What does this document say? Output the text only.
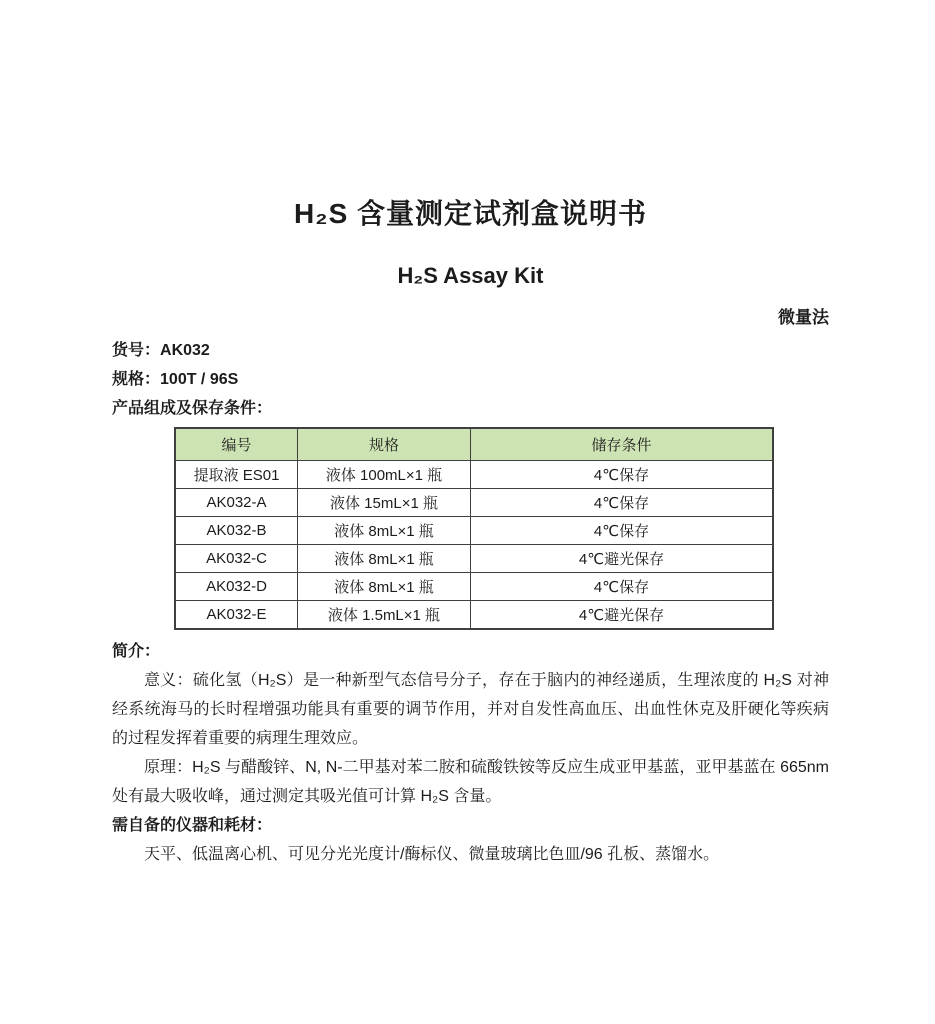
H₂S 含量测定试剂盒说明书
H₂S Assay Kit
微量法
货号：AK032
规格：100T / 96S
产品组成及保存条件：
编号	规格	储存条件
提取液 ES01	液体 100mL×1 瓶	4℃保存
AK032-A	液体 15mL×1 瓶	4℃保存
AK032-B	液体 8mL×1 瓶	4℃保存
AK032-C	液体 8mL×1 瓶	4℃避光保存
AK032-D	液体 8mL×1 瓶	4℃保存
AK032-E	液体 1.5mL×1 瓶	4℃避光保存
简介：

意义：硫化氢（H₂S）是一种新型气态信号分子，存在于脑内的神经递质，生理浓度的 H₂S 对神经系统海马的长时程增强功能具有重要的调节作用，并对自发性高血压、出血性休克及肝硬化等疾病的过程发挥着重要的病理生理效应。

原理：H₂S 与醋酸锌、N, N-二甲基对苯二胺和硫酸铁铵等反应生成亚甲基蓝，亚甲基蓝在 665nm 处有最大吸收峰，通过测定其吸光值可计算 H₂S 含量。

需自备的仪器和耗材：

天平、低温离心机、可见分光光度计/酶标仪、微量玻璃比色皿/96 孔板、蒸馏水。
